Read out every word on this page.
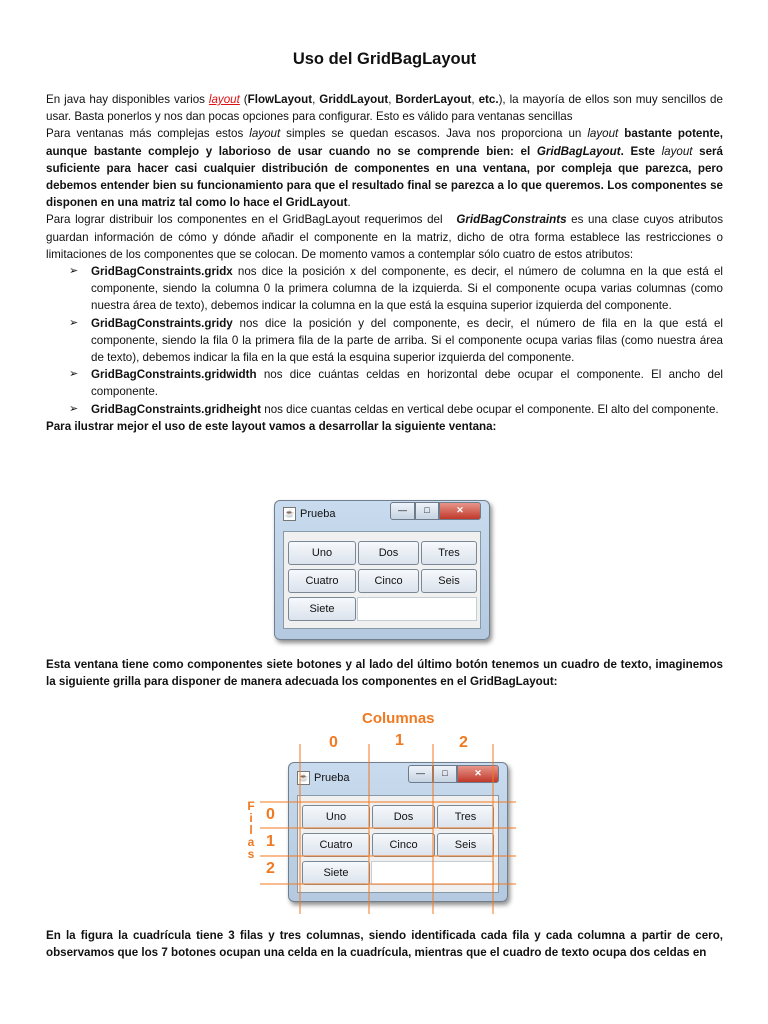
Uso del GridBagLayout

En java hay disponibles varios layout (FlowLayout, GriddLayout, BorderLayout, etc.), la mayoría de ellos son muy sencillos de usar. Basta ponerlos y nos dan pocas opciones para configurar. Esto es válido para ventanas sencillas

Para ventanas más complejas estos layout simples se quedan escasos. Java nos proporciona un layout bastante potente, aunque bastante complejo y laborioso de usar cuando no se comprende bien: el GridBagLayout. Este layout será suficiente para hacer casi cualquier distribución de componentes en una ventana, por compleja que parezca, pero debemos entender bien su funcionamiento para que el resultado final se parezca a lo que queremos. Los componentes se disponen en una matriz tal como lo hace el GridLayout.

Para lograr distribuir los componentes en el GridBagLayout requerimos del   GridBagConstraints es una clase cuyos atributos guardan información de cómo y dónde añadir el componente en la matriz, dicho de otra forma establece las restricciones o limitaciones de los componentes que se colocan. De momento vamos a contemplar sólo cuatro de estos atributos:

➢ GridBagConstraints.gridx nos dice la posición x del componente, es decir, el número de columna en la que está el componente, siendo la columna 0 la primera columna de la izquierda. Si el componente ocupa varias columnas (como nuestra área de texto), debemos indicar la columna en la que está la esquina superior izquierda del componente.
➢ GridBagConstraints.gridy nos dice la posición y del componente, es decir, el número de fila en la que está el componente, siendo la fila 0 la primera fila de la parte de arriba. Si el componente ocupa varias filas (como nuestra área de texto), debemos indicar la fila en la que está la esquina superior izquierda del componente.
➢ GridBagConstraints.gridwidth nos dice cuántas celdas en horizontal debe ocupar el componente. El ancho del componente.
➢ GridBagConstraints.gridheight nos dice cuantas celdas en vertical debe ocupar el componente. El alto del componente.

Para ilustrar mejor el uso de este layout vamos a desarrollar la siguiente ventana:

☕ Prueba	—	□	✕
Uno	Dos	Tres
Cuatro	Cinco	Seis
Siete

Esta ventana tiene como componentes siete botones y al lado del último botón tenemos un cuadro de texto, imaginemos la siguiente grilla para disponer de manera adecuada los componentes en el GridBagLayout:

Columnas
0	1	2
☕ Prueba	—	□	✕
Uno	Dos	Tres
Cuatro	Cinco	Seis
Siete
F
i
l
a
s
0
1
2

En la figura la cuadrícula tiene 3 filas y tres columnas, siendo identificada cada fila y cada columna a partir de cero, observamos que los 7 botones ocupan una celda en la cuadrícula, mientras que el cuadro de texto ocupa dos celdas en
